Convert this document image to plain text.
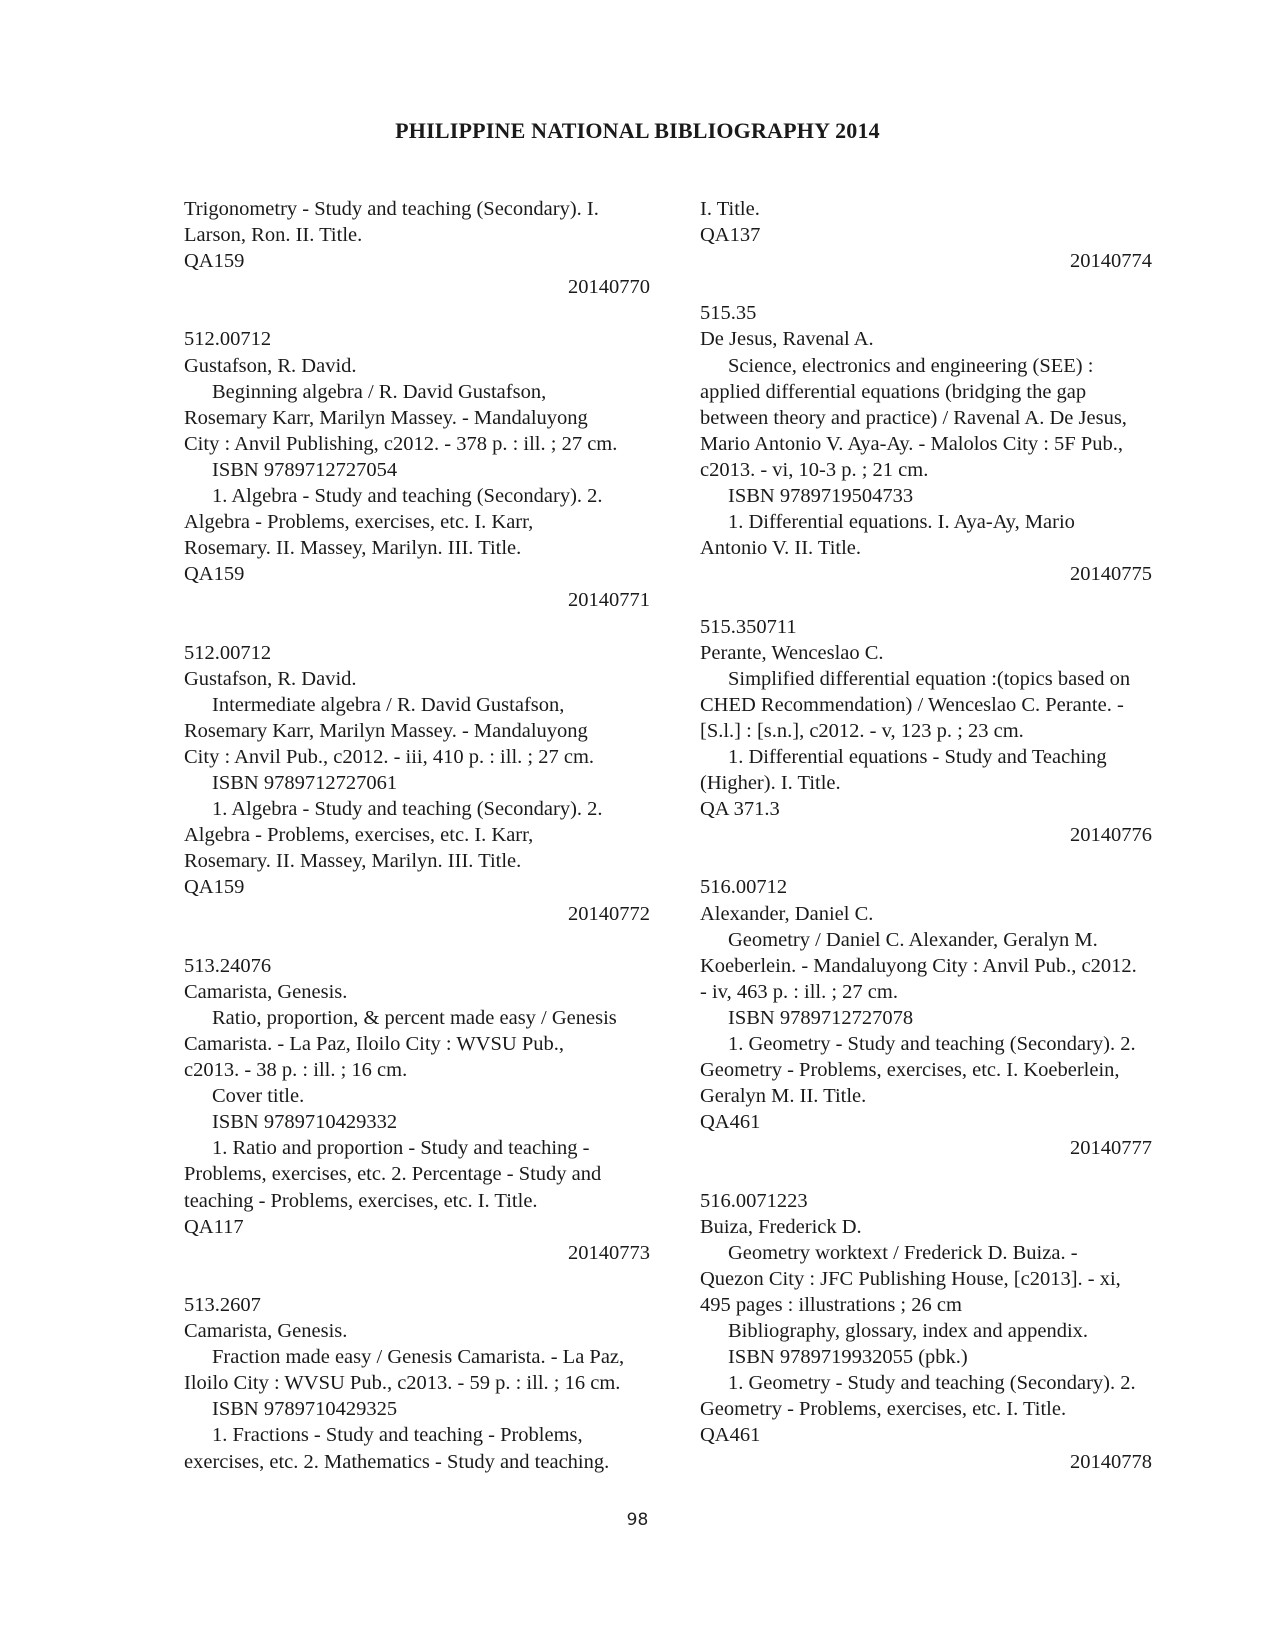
PHILIPPINE NATIONAL BIBLIOGRAPHY 2014
Trigonometry - Study and teaching (Secondary). I.
Larson, Ron. II. Title.
QA159
20140770
512.00712
Gustafson, R. David.
Beginning algebra / R. David Gustafson,
Rosemary Karr, Marilyn Massey. - Mandaluyong
City : Anvil Publishing, c2012. - 378 p. : ill. ; 27 cm.
ISBN 9789712727054
1. Algebra - Study and teaching (Secondary). 2.
Algebra - Problems, exercises, etc. I. Karr,
Rosemary. II. Massey, Marilyn. III. Title.
QA159
20140771
512.00712
Gustafson, R. David.
Intermediate algebra / R. David Gustafson,
Rosemary Karr, Marilyn Massey. - Mandaluyong
City : Anvil Pub., c2012. - iii, 410 p. : ill. ; 27 cm.
ISBN 9789712727061
1. Algebra - Study and teaching (Secondary). 2.
Algebra - Problems, exercises, etc. I. Karr,
Rosemary. II. Massey, Marilyn. III. Title.
QA159
20140772
513.24076
Camarista, Genesis.
Ratio, proportion, & percent made easy / Genesis
Camarista. - La Paz, Iloilo City : WVSU Pub.,
c2013. - 38 p. : ill. ; 16 cm.
Cover title.
ISBN 9789710429332
1. Ratio and proportion - Study and teaching -
Problems, exercises, etc. 2. Percentage - Study and
teaching - Problems, exercises, etc. I. Title.
QA117
20140773
513.2607
Camarista, Genesis.
Fraction made easy / Genesis Camarista. - La Paz,
Iloilo City : WVSU Pub., c2013. - 59 p. : ill. ; 16 cm.
ISBN 9789710429325
1. Fractions - Study and teaching - Problems,
exercises, etc. 2. Mathematics - Study and teaching.
I. Title.
QA137
20140774
515.35
De Jesus, Ravenal A.
Science, electronics and engineering (SEE) :
applied differential equations (bridging the gap
between theory and practice) / Ravenal A. De Jesus,
Mario Antonio V. Aya-Ay. - Malolos City : 5F Pub.,
c2013. - vi, 10-3 p. ; 21 cm.
ISBN 9789719504733
1. Differential equations. I. Aya-Ay, Mario
Antonio V. II. Title.
20140775
515.350711
Perante, Wenceslao C.
Simplified differential equation :(topics based on
CHED Recommendation) / Wenceslao C. Perante. -
[S.l.] : [s.n.], c2012. - v, 123 p. ; 23 cm.
1. Differential equations - Study and Teaching
(Higher). I. Title.
QA 371.3
20140776
516.00712
Alexander, Daniel C.
Geometry / Daniel C. Alexander, Geralyn M.
Koeberlein. - Mandaluyong City : Anvil Pub., c2012.
- iv, 463 p. : ill. ; 27 cm.
ISBN 9789712727078
1. Geometry - Study and teaching (Secondary). 2.
Geometry - Problems, exercises, etc. I. Koeberlein,
Geralyn M. II. Title.
QA461
20140777
516.0071223
Buiza, Frederick D.
Geometry worktext / Frederick D. Buiza. -
Quezon City : JFC Publishing House, [c2013]. - xi,
495 pages : illustrations ; 26 cm
Bibliography, glossary, index and appendix.
ISBN 9789719932055 (pbk.)
1. Geometry - Study and teaching (Secondary). 2.
Geometry - Problems, exercises, etc. I. Title.
QA461
20140778
98
